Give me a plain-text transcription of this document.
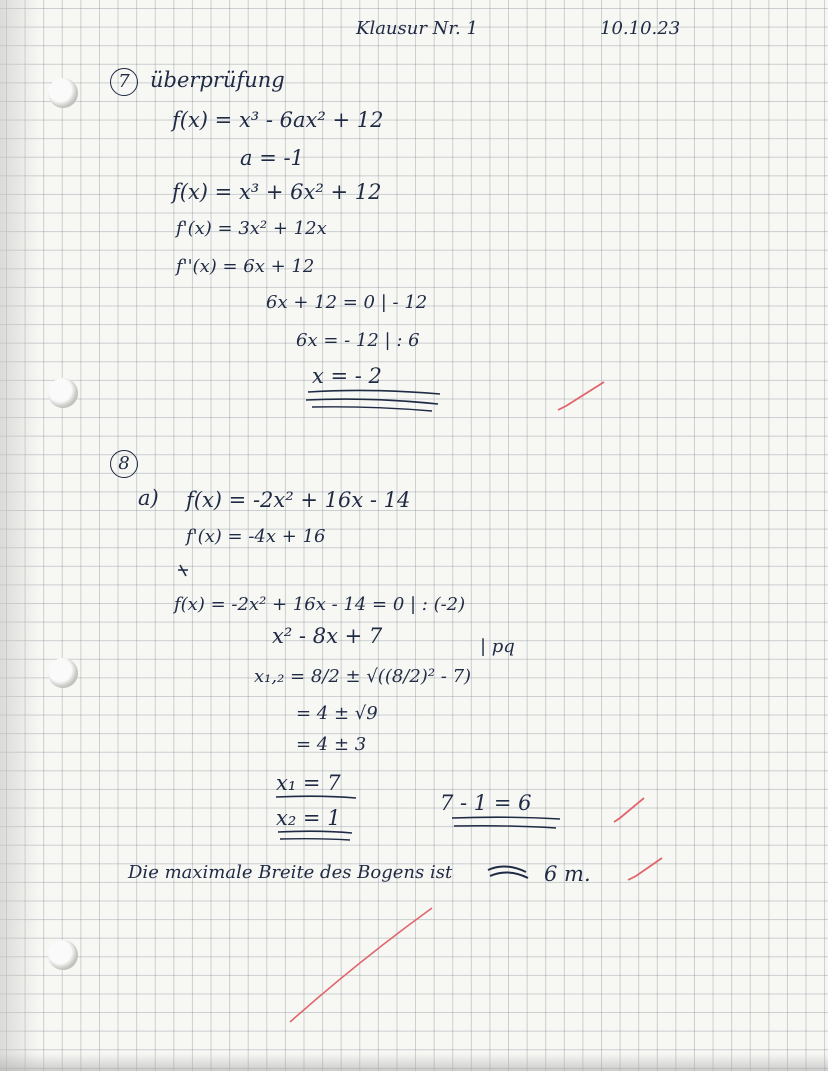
Klausur Nr. 1	10.10.23
7 überprüfung
f(x) = x³ - 6ax² + 12
a = -1
f(x) = x³ + 6x² + 12
f'(x) = 3x² + 12x
f''(x) = 6x + 12
6x + 12 = 0 | - 12
6x = - 12 | : 6
x = - 2
8
a) f(x) = -2x² + 16x - 14
f'(x) = -4x + 16
f(x) = -2x² + 16x - 14 = 0 | : (-2)
x² - 8x + 7	| pq
x₁,₂ = 8/2 ± √((8/2)² - 7)
= 4 ± √9
= 4 ± 3
x₁ = 7
x₂ = 1
7 - 1 = 6
Die maximale Breite des Bogens ist	6 m.
